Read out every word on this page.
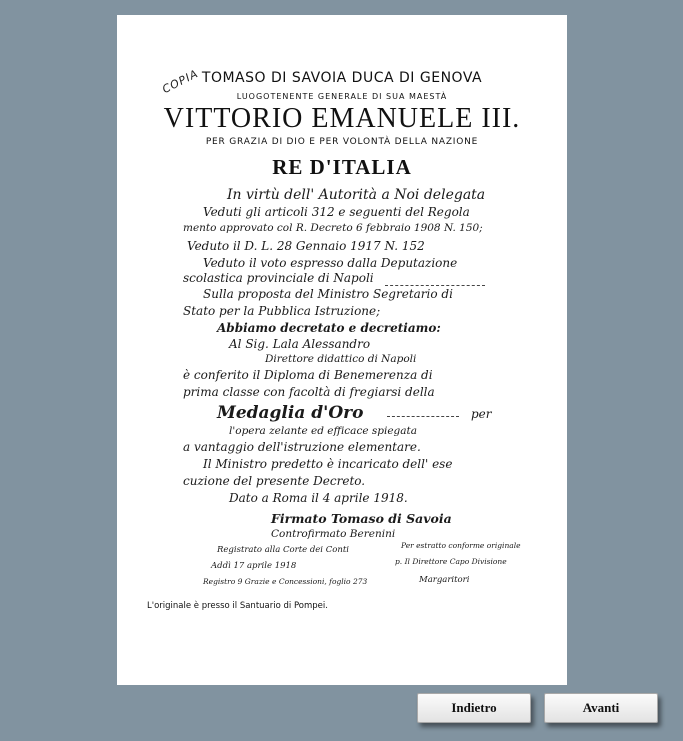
COPIA TOMASO DI SAVOIA DUCA DI GENOVA
LUOGOTENENTE GENERALE DI SUA MAESTÀ
VITTORIO EMANUELE III.
PER GRAZIA DI DIO E PER VOLONTÀ DELLA NAZIONE
RE D'ITALIA
In virtù dell' Autorità a Noi delegata
Veduti gli articoli 312 e seguenti del Regola
mento approvato col R. Decreto 6 febbraio 1908 N. 150;
Veduto il D. L. 28 Gennaio 1917 N. 152
Veduto il voto espresso dalla Deputazione
scolastica provinciale di Napoli
Sulla proposta del Ministro Segretario di
Stato per la Pubblica Istruzione;
Abbiamo decretato e decretiamo:
Al Sig. Lala Alessandro
Direttore didattico di Napoli
è conferito il Diploma di Benemerenza di
prima classe con facoltà di fregiarsi della
Medaglia d'Oro	per
l'opera zelante ed efficace spiegata
a vantaggio dell'istruzione elementare.
Il Ministro predetto è incaricato dell' ese
cuzione del presente Decreto.
Dato a Roma il 4 aprile 1918.
Firmato Tomaso di Savoia
Controfirmato Berenini
Registrato alla Corte dei Conti
Addì 17 aprile 1918
Registro 9 Grazie e Concessioni, foglio 273
Per estratto conforme originale
p. Il Direttore Capo Divisione
Margaritori
L'originale è presso il Santuario di Pompei.
Indietro	Avanti
